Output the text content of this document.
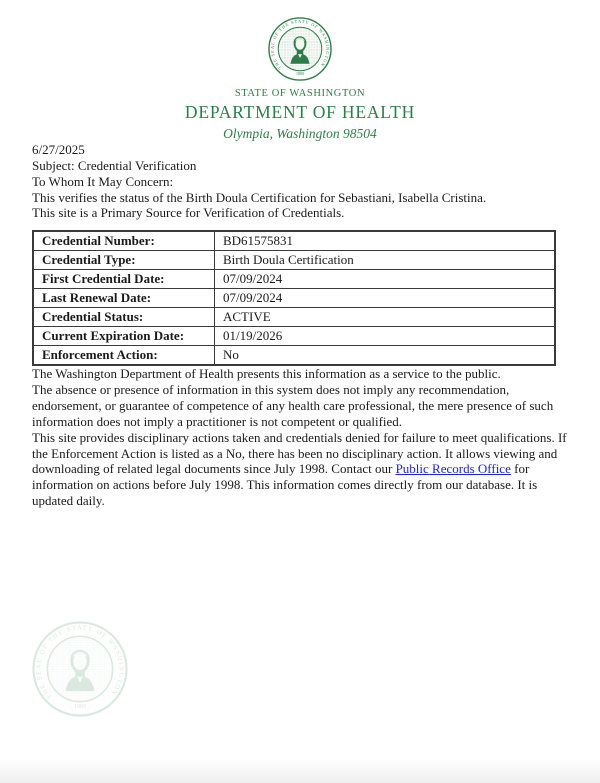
STATE OF WASHINGTON
DEPARTMENT OF HEALTH
Olympia, Washington 98504

6/27/2025

Subject: Credential Verification

To Whom It May Concern:

This verifies the status of the Birth Doula Certification for Sebastiani, Isabella Cristina.

This site is a Primary Source for Verification of Credentials.

Credential Number:	BD61575831
Credential Type:	Birth Doula Certification
First Credential Date:	07/09/2024
Last Renewal Date:	07/09/2024
Credential Status:	ACTIVE
Current Expiration Date:	01/19/2026
Enforcement Action:	No

The Washington Department of Health presents this information as a service to the public.

The absence or presence of information in this system does not imply any recommendation, endorsement, or guarantee of competence of any health care professional, the mere presence of such information does not imply a practitioner is not competent or qualified.

This site provides disciplinary actions taken and credentials denied for failure to meet qualifications. If the Enforcement Action is listed as a No, there has been no disciplinary action. It allows viewing and downloading of related legal documents since July 1998. Contact our Public Records Office for information on actions before July 1998. This information comes directly from our database. It is updated daily.
